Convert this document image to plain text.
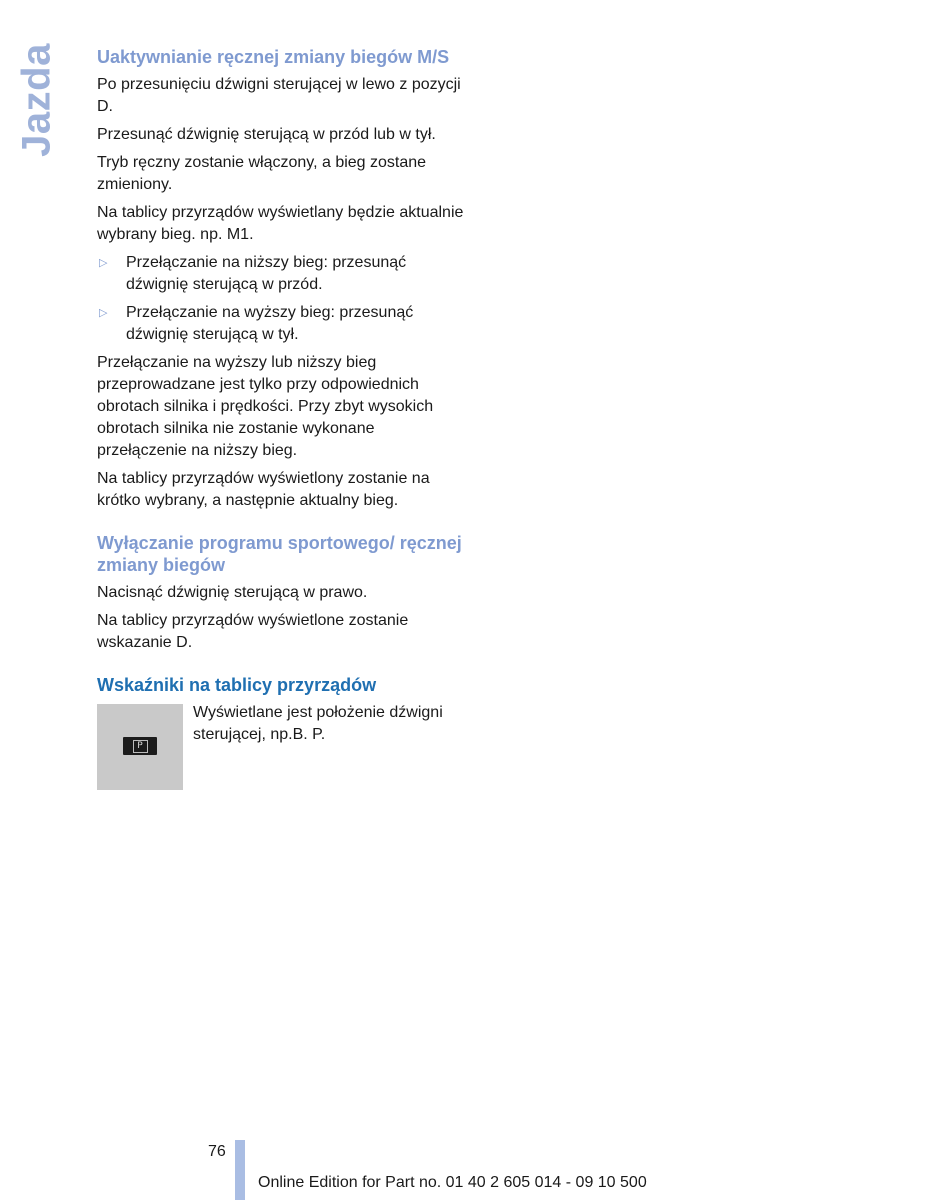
Jazda Uaktywnianie ręcznej zmiany biegów M/S

Po przesunięciu dźwigni sterującej w lewo z pozycji D.

Przesunąć dźwignię sterującą w przód lub w tył.

Tryb ręczny zostanie włączony, a bieg zostane zmieniony.

Na tablicy przyrządów wyświetlany będzie aktualnie wybrany bieg. np. M1.

▷ Przełączanie na niższy bieg: przesunąć dźwignię sterującą w przód.
▷ Przełączanie na wyższy bieg: przesunąć dźwignię sterującą w tył.

Przełączanie na wyższy lub niższy bieg przeprowadzane jest tylko przy odpowiednich obrotach silnika i prędkości. Przy zbyt wysokich obrotach silnika nie zostanie wykonane przełączenie na niższy bieg.

Na tablicy przyrządów wyświetlony zostanie na krótko wybrany, a następnie aktualny bieg.

Wyłączanie programu sportowego/ ręcznej zmiany biegów

Nacisnąć dźwignię sterującą w prawo.

Na tablicy przyrządów wyświetlone zostanie wskazanie D.

Wskaźniki na tablicy przyrządów
P
Wyświetlane jest położenie dźwigni sterującej, np.B. P.
76
Online Edition for Part no. 01 40 2 605 014 - 09 10 500
